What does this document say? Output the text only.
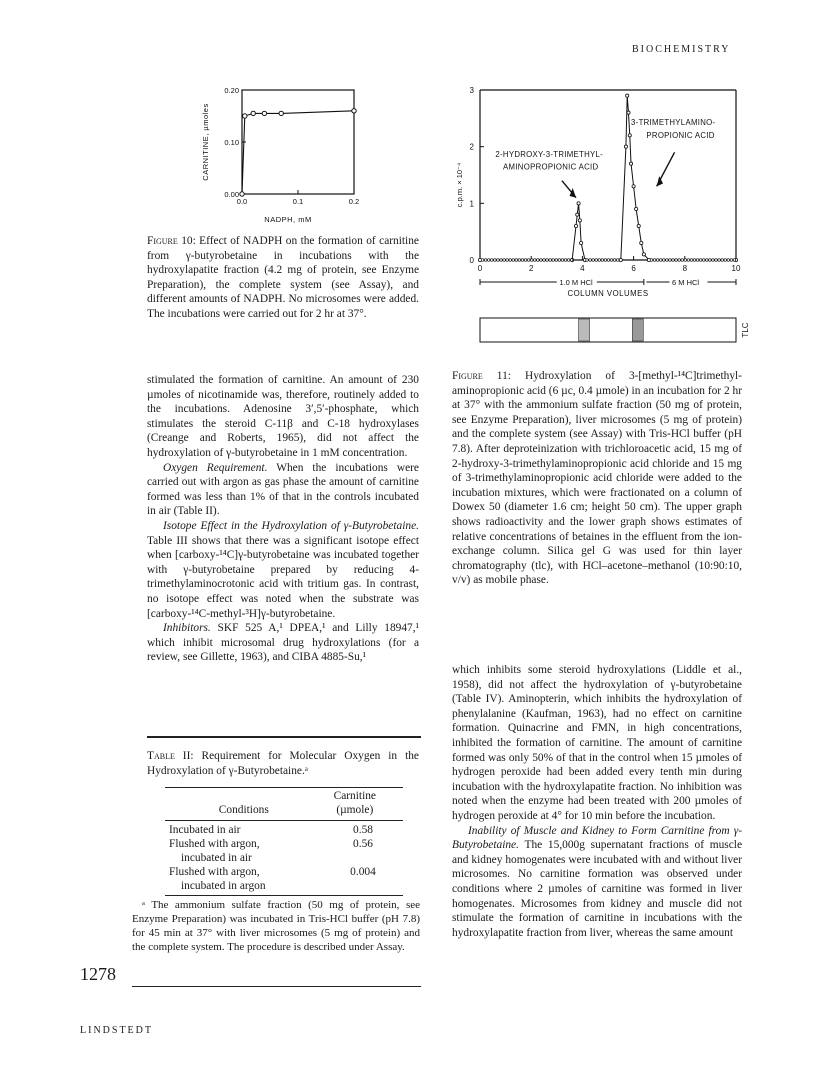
BIOCHEMISTRY
0.20
0.10
0.00
0.0	0.1	0.2
CARNITINE, µmoles
NADPH, mM
Figure 10: Effect of NADPH on the formation of carnitine from γ-butyrobetaine in incubations with the hydroxylapatite fraction (4.2 mg of protein, see Enzyme Preparation), the complete system (see Assay), and different amounts of NADPH. No microsomes were added. The incubations were carried out for 2 hr at 37°.
3
2
1
0
0	2	4	6	8	10
c.p.m. × 10⁻⁴
2-HYDROXY-3-TRIMETHYL-
AMINOPROPIONIC ACID
3-TRIMETHYLAMINO-
PROPIONIC ACID
1.0 M HCl	6 M HCl
COLUMN VOLUMES
TLC
Figure 11: Hydroxylation of 3-[methyl-¹⁴C]trimethyl-aminopropionic acid (6 µc, 0.4 µmole) in an incubation for 2 hr at 37° with the ammonium sulfate fraction (50 mg of protein, see Enzyme Preparation), liver microsomes (5 mg of protein) and the complete system (see Assay) with Tris-HCl buffer (pH 7.8). After deproteinization with trichloroacetic acid, 15 mg of 2-hydroxy-3-trimethylaminopropionic acid chloride and 15 mg of 3-trimethylaminopropionic acid chloride were added to the incubation mixtures, which were fractionated on a column of Dowex 50 (diameter 1.6 cm; height 50 cm). The upper graph shows radioactivity and the lower graph shows estimates of relative concentrations of betaines in the effluent from the ion-exchange column. Silica gel G was used for thin layer chromatography (tlc), with HCl–acetone–methanol (10:90:10, v/v) as mobile phase.
stimulated the formation of carnitine. An amount of 230 µmoles of nicotinamide was, therefore, routinely added to the incubations. Adenosine 3′,5′-phosphate, which stimulates the steroid C-11β and C-18 hydroxylases (Creange and Roberts, 1965), did not affect the hydroxylation of γ-butyrobetaine in 1 mM concentration.
Oxygen Requirement. When the incubations were carried out with argon as gas phase the amount of carnitine formed was less than 1% of that in the controls incubated in air (Table II).
Isotope Effect in the Hydroxylation of γ-Butyrobetaine. Table III shows that there was a significant isotope effect when [carboxy-¹⁴C]γ-butyrobetaine was incubated together with γ-butyrobetaine prepared by reducing 4-trimethylaminocrotonic acid with tritium gas. In contrast, no isotope effect was noted when the substrate was [carboxy-¹⁴C-methyl-³H]γ-butyrobetaine.
Inhibitors. SKF 525 A,¹ DPEA,¹ and Lilly 18947,¹ which inhibit microsomal drug hydroxylations (for a review, see Gillette, 1963), and CIBA 4885-Su,¹
Table II: Requirement for Molecular Oxygen in the Hydroxylation of γ-Butyrobetaine.ᵃ
	Carnitine
Conditions	(µmole)
Incubated in air	0.58
Flushed with argon,
incubated in air	0.56
Flushed with argon,
incubated in argon	0.004
ᵃ The ammonium sulfate fraction (50 mg of protein, see Enzyme Preparation) was incubated in Tris-HCl buffer (pH 7.8) for 45 min at 37° with liver microsomes (5 mg of protein) and the complete system. The procedure is described under Assay.
1278
which inhibits some steroid hydroxylations (Liddle et al., 1958), did not affect the hydroxylation of γ-butyrobetaine (Table IV). Aminopterin, which inhibits the hydroxylation of phenylalanine (Kaufman, 1963), had no effect on carnitine formation. Quinacrine and FMN, in high concentrations, inhibited the formation of carnitine. The amount of carnitine formed was only 50% of that in the control when 15 µmoles of hydrogen peroxide had been added every tenth min during incubation with the hydroxylapatite fraction. No inhibition was noted when the enzyme had been treated with 200 µmoles of hydrogen peroxide at 4° for 10 min before the incubation.
Inability of Muscle and Kidney to Form Carnitine from γ-Butyrobetaine. The 15,000g supernatant fractions of muscle and kidney homogenates were incubated with and without liver microsomes. No carnitine formation was observed under conditions where 2 µmoles of carnitine was formed in liver homogenates. Microsomes from kidney and muscle did not stimulate the formation of carnitine in incubations with the hydroxylapatite fraction from liver, whereas the same amount
LINDSTEDT
